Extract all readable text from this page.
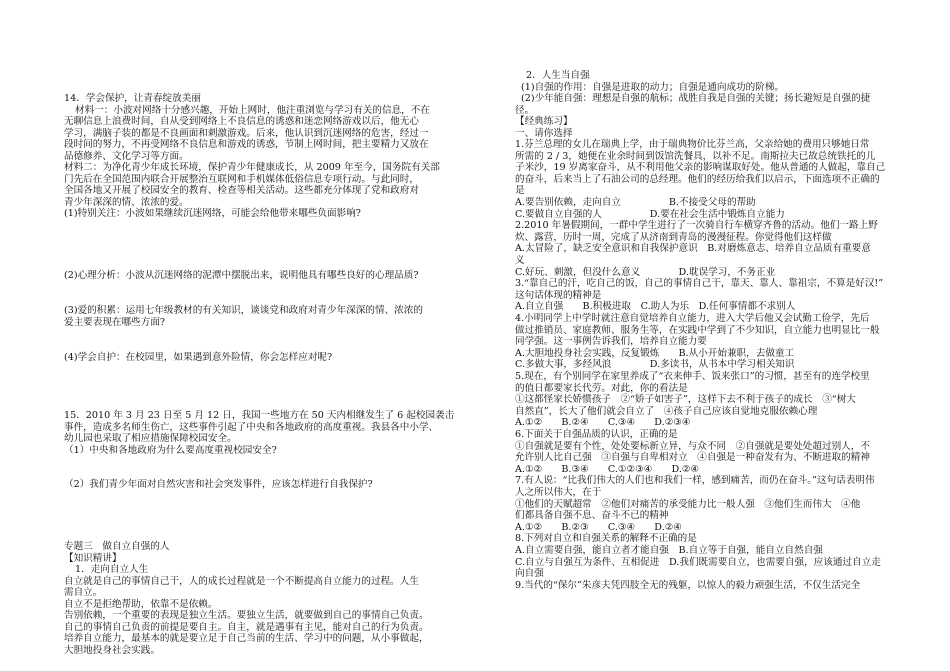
14．学会保护，让青春绽放美丽
材料一：小波对网络十分感兴趣，开始上网时，他注重浏览与学习有关的信息，不在
无聊信息上浪费时间，自从受到网络上不良信息的诱惑和迷恋网络游戏以后，他无心
学习，满脑子装的都是不良画面和刺激游戏。后来，他认识到沉迷网络的危害，经过一
段时间的努力，不再受网络不良信息和游戏的诱惑，节制上网时间，把主要精力又放在
品德修养、文化学习等方面。
材料二：为净化青少年成长环境，保护青少年健康成长，从 2009 年至今，国务院有关部
门先后在全国范围内联合开展整治互联网和手机媒体低俗信息专项行动。与此同时，
全国各地又开展了校园安全的教育、检查等相关活动。这些都充分体现了党和政府对
青少年深深的情、浓浓的爱。
(1)特别关注：小波如果继续沉迷网络，可能会给他带来哪些负面影响?
(2)心理分析：小波从沉迷网络的泥潭中摆脱出来，说明他具有哪些良好的心理品质?
(3)爱的积累：运用七年级教材的有关知识，谈谈党和政府对青少年深深的情、浓浓的
爱主要表现在哪些方面?
(4)学会自护：在校园里，如果遇到意外险情，你会怎样应对呢?
15．2010 年 3 月 23 日至 5 月 12 日，我国一些地方在 50 天内相继发生了 6 起校园袭击
事件，造成多名师生伤亡，这些事件引起了中央和各地政府的高度重视。我县各中小学、
幼儿园也采取了相应措施保障校园安全。
（1）中央和各地政府为什么要高度重视校园安全?
（2）我们青少年面对自然灾害和社会突发事件，应该怎样进行自我保护?
专题三　做自立自强的人
【知识精讲】
1．走向自立人生
自立就是自己的事情自己干，人的成长过程就是一个不断提高自立能力的过程。人生
需自立。
自立不是拒绝帮助，依靠不是依赖。
告别依赖，一个重要的表现是独立生活。要独立生活，就要做到自己的事情自己负责。
自己的事情自己负责的前提是要自主。自主，就是遇事有主见，能对自己的行为负责。
培养自立能力，最基本的就是要立足于自己当前的生活、学习中的问题，从小事做起，
大胆地投身社会实践。
2．人生当自强
(1)自强的作用：自强是进取的动力；自强是通向成功的阶梯。
(2)少年能自强：理想是自强的航标；战胜自我是自强的关键；扬长避短是自强的捷
径。
【经典练习】
一、请你选择
1.芬兰总理的女儿在瑞典上学，由于瑞典物价比芬兰高，父亲给她的费用只够她日常
所需的 2 / 3，她便在业余时间到饭馆洗餐具，以补不足。南斯拉夫已故总统铁托的儿
子米沙，19 岁离家奋斗，从不利用他父亲的影响谋取好处。他从普通的人做起，靠自己
的奋斗，后来当上了石油公司的总经理。他们的经历给我们以启示，下面选项不正确的
是
A.要告别依赖，走向自立　　　　　B.不接受父母的帮助
C.要做自立自强的人　　　　　D.要在社会生活中锻炼自立能力
2.2010 年暑假期间，一群中学生进行了一次骑自行车横穿齐鲁的活动。他们一路上野
炊、露营，历时一周，完成了从济南到青岛的漫漫征程。你觉得他们这样做
A.太冒险了，缺乏安全意识和自我保护意识　B.对磨炼意志、培养自立品质有重要意
义
C.好玩、刺激，但没什么意义　　　　D.耽误学习，不务正业
3.“靠自己的汗，吃自己的饭，自己的事情自己干，靠天、靠人、靠祖宗，不算是好汉!”
这句话体现的精神是
A.自立自强　　B.积极进取　C.助人为乐　D.任何事情都不求别人
4.小明同学上中学时就注意自觉培养自立能力，进入大学后他又会试勤工俭学，先后
做过推销员、家庭教师、服务生等，在实践中学到了不少知识，自立能力也明显比一般
同学强。这一事例告诉我们，培养自立能力要
A.大胆地投身社会实践，反复锻炼　　B.从小开始兼职，去做童工
C.多做大事，多经风浪　　　　D.多读书，从书本中学习相关知识
5.现在，有个别同学在家里养成了“衣来伸手、饭来张口”的习惯，甚至有的连学校里
的值日都要家长代劳。对此，你的看法是
①这都怪家长娇惯孩子　②“娇子如害子”，这样下去不利于孩子的成长　③“树大
自然直”，长大了他们就会自立了　④孩子自己应该自觉地克服依赖心理
A.①②　　B.②④　　C.③④　　D.②③④
6.下面关于自强品质的认识，正确的是
①自强就是要有个性，处处要标新立异，与众不同　②自强就是要处处超过别人，不
允许别人比自己强　③自强与自卑相对立　④自强是一种奋发有为、不断进取的精神
A.①②　　B.③④　　C.①②③④　　D.②④
7.有人说：“比我们伟大的人们也和我们一样，感到痛苦，而仍在奋斗。”这句话表明伟
人之所以伟大，在于
①他们的天赋超常　②他们对痛苦的承受能力比一般人强　③他们生而伟大　④他
们都具备自强不息、奋斗不已的精神
A.①②　　B.②③　　C.③④　　D.②④
8.下列对自立和自强关系的解释不正确的是
A.自立需要自强，能自立者才能自强　B.自立等于自强，能自立自然自强
C.自立与自强互为条件、互相促进　D.我们既需要自立，也需要自强，应该通过自立走
向自强
9.当代的“保尔”朱彦夫凭四肢全无的残躯，以惊人的毅力顽强生活，不仅生活完全
